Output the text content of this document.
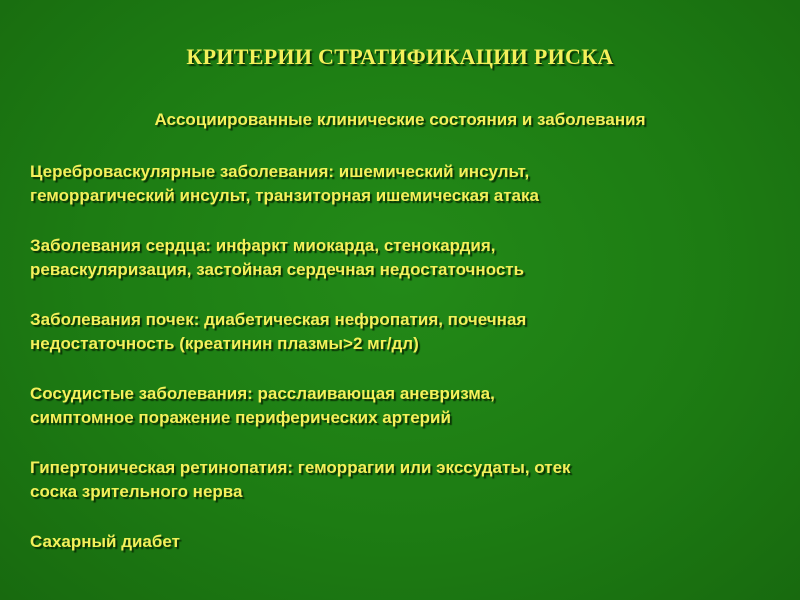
КРИТЕРИИ СТРАТИФИКАЦИИ РИСКА
Ассоциированные клинические состояния и заболевания
Цереброваскулярные заболевания: ишемический инсульт,
геморрагический инсульт, транзиторная ишемическая атака
Заболевания сердца: инфаркт миокарда, стенокардия,
реваскуляризация, застойная сердечная недостаточность
Заболевания почек: диабетическая нефропатия, почечная
недостаточность (креатинин плазмы>2 мг/дл)
Сосудистые заболевания: расслаивающая аневризма,
симптомное поражение периферических артерий
Гипертоническая ретинопатия: геморрагии или экссудаты, отек
соска зрительного нерва
Сахарный диабет
